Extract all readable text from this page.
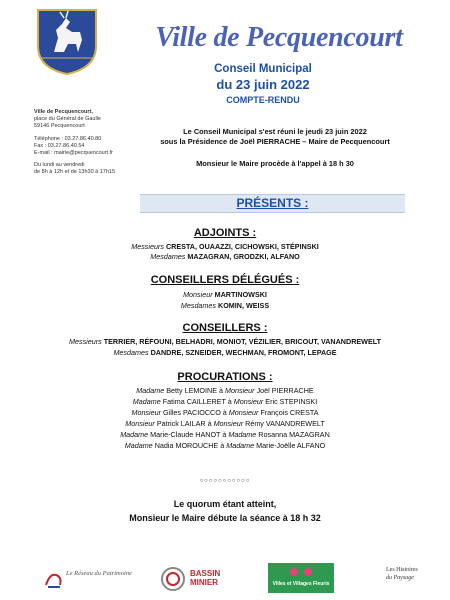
Ville de Pecquencourt
Conseil Municipal
du 23 juin 2022
COMPTE-RENDU
Ville de Pecquencourt,
place du Général de Gaulle
59146 Pecquencourt
Téléphone : 03.27.86.40.80
Fax : 03.27.86.40.54
E-mail : mairie@pecquencourt.fr
Du lundi au vendredi
de 8h à 12h et de 13h30 à 17h15
Le Conseil Municipal s'est réuni le jeudi 23 juin 2022
sous la Présidence de Joël PIERRACHE – Maire de Pecquencourt
Monsieur le Maire procède à l'appel à 18 h 30
PRÉSENTS :
ADJOINTS :
Messieurs CRESTA, OUAAZZI, CICHOWSKI, STÉPINSKI
Mesdames MAZAGRAN, GRODZKI, ALFANO
CONSEILLERS DÉLÉGUÉS :
Monsieur MARTINOWSKI
Mesdames KOMIN, WEISS
CONSEILLERS :
Messieurs TERRIER, RÉFOUNI, BELHADRI, MONIOT, VÉZILIER, BRICOUT, VANANDREWELT
Mesdames DANDRE, SZNEIDER, WECHMAN, FROMONT, LEPAGE
PROCURATIONS :
Madame Betty LEMOINE à Monsieur Joël PIERRACHE
Madame Fatima CAILLERET à Monsieur Eric STEPINSKI
Monsieur Gilles PACIOCCO à Monsieur François CRESTA
Monsieur Patrick LAILAR à Monsieur Rémy VANANDREWELT
Madame Marie-Claude HANOT à Madame Rosanna MAZAGRAN
Madame Nadia MOROUCHE à Madame Marie-Joëlle ALFANO
○○○○○○○○○○○
Le quorum étant atteint,
Monsieur le Maire débute la séance à 18 h 32
Le Réseau du Patrimoine	BASSIN
MINIER	Villes et Villages Fleuris
Les Histoires
du Paysage
